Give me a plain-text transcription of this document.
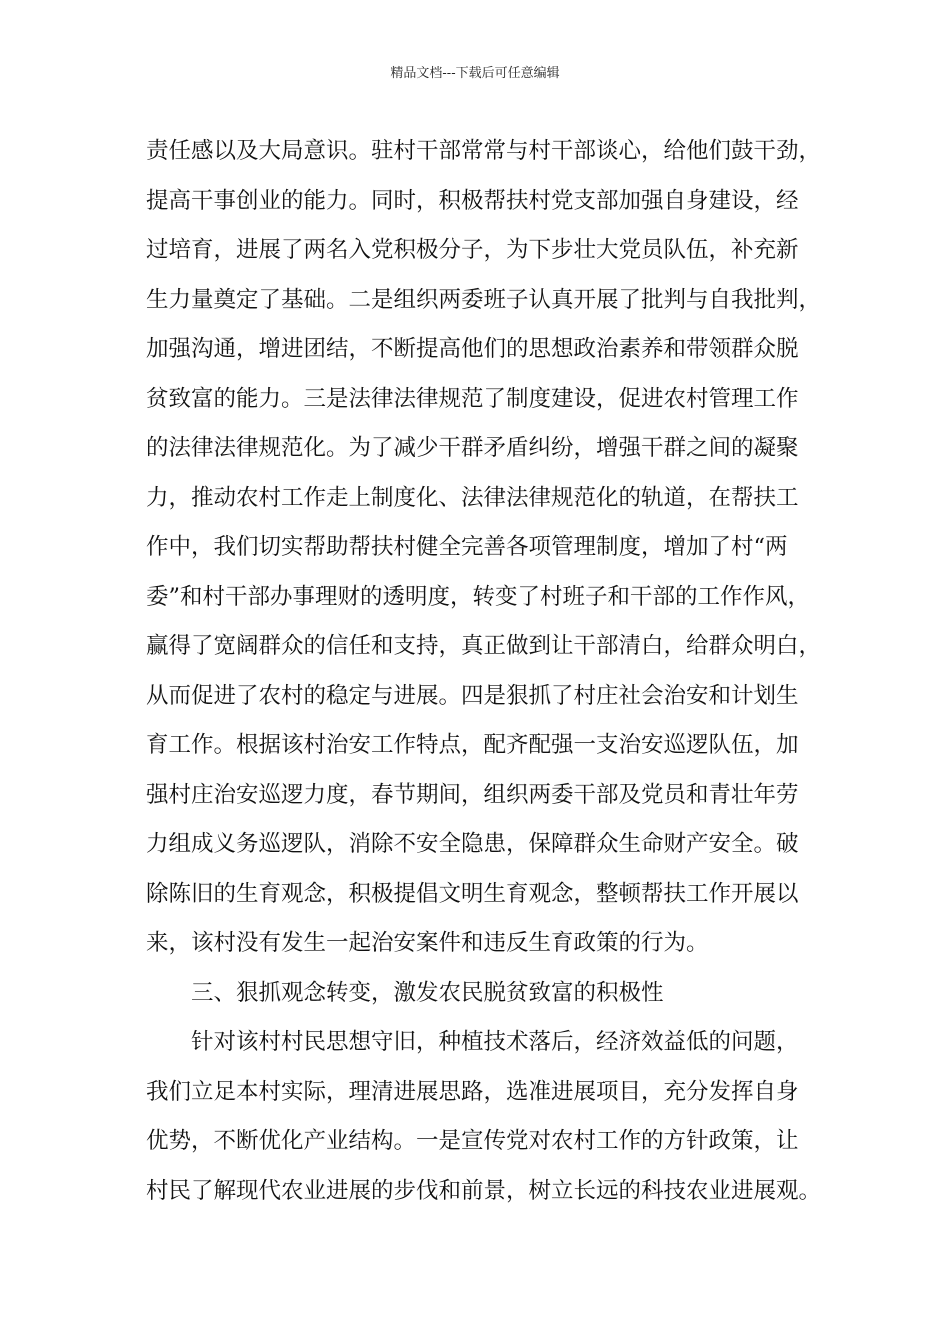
精品文档---下载后可任意编辑
责任感以及大局意识。驻村干部常常与村干部谈心，给他们鼓干劲，
提高干事创业的能力。同时，积极帮扶村党支部加强自身建设，经
过培育，进展了两名入党积极分子，为下步壮大党员队伍，补充新
生力量奠定了基础。二是组织两委班子认真开展了批判与自我批判，
加强沟通，增进团结，不断提高他们的思想政治素养和带领群众脱
贫致富的能力。三是法律法律规范了制度建设，促进农村管理工作
的法律法律规范化。为了减少干群矛盾纠纷，增强干群之间的凝聚
力，推动农村工作走上制度化、法律法律规范化的轨道，在帮扶工
作中，我们切实帮助帮扶村健全完善各项管理制度，增加了村“两
委”和村干部办事理财的透明度，转变了村班子和干部的工作作风，
赢得了宽阔群众的信任和支持，真正做到让干部清白，给群众明白，
从而促进了农村的稳定与进展。四是狠抓了村庄社会治安和计划生
育工作。根据该村治安工作特点，配齐配强一支治安巡逻队伍，加
强村庄治安巡逻力度，春节期间，组织两委干部及党员和青壮年劳
力组成义务巡逻队，消除不安全隐患，保障群众生命财产安全。破
除陈旧的生育观念，积极提倡文明生育观念，整顿帮扶工作开展以
来，该村没有发生一起治安案件和违反生育政策的行为。
三、狠抓观念转变，激发农民脱贫致富的积极性
针对该村村民思想守旧，种植技术落后，经济效益低的问题，
我们立足本村实际，理清进展思路，选准进展项目，充分发挥自身
优势，不断优化产业结构。一是宣传党对农村工作的方针政策，让
村民了解现代农业进展的步伐和前景，树立长远的科技农业进展观。
